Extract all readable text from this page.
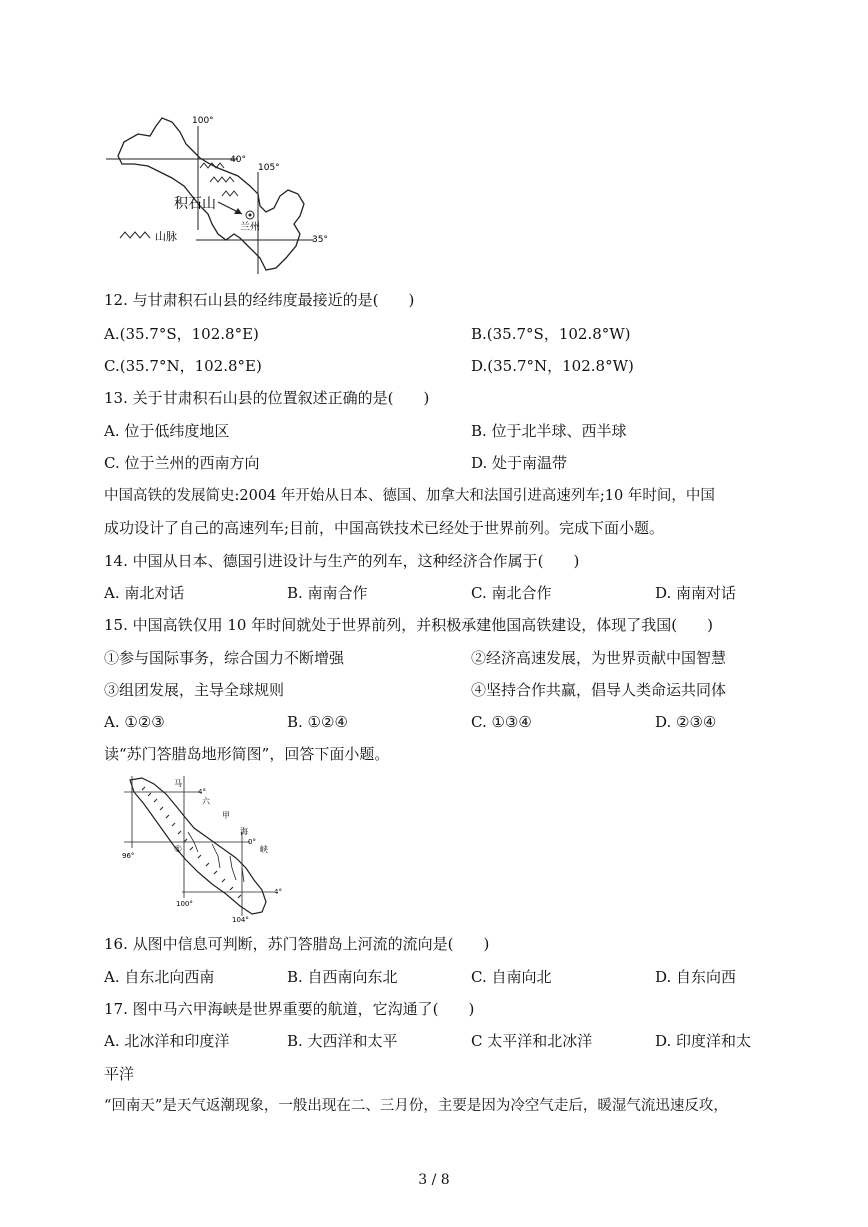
100°
105°
40°
35°
积石山
兰州
山脉
12. 与甘肃积石山县的经纬度最接近的是(　　)
A.(35.7°S，102.8°E)	B.(35.7°S，102.8°W)
C.(35.7°N，102.8°E)	D.(35.7°N，102.8°W)
13. 关于甘肃积石山县的位置叙述正确的是(　　)
A. 位于低纬度地区	B. 位于北半球、西半球
C. 位于兰州的西南方向	D. 处于南温带
中国高铁的发展简史:2004 年开始从日本、德国、加拿大和法国引进高速列车;10 年时间，中国
成功设计了自己的高速列车;目前，中国高铁技术已经处于世界前列。完成下面小题。
14. 中国从日本、德国引进设计与生产的列车，这种经济合作属于(　　)
A. 南北对话	B. 南南合作	C. 南北合作	D. 南南对话
15. 中国高铁仅用 10 年时间就处于世界前列，并积极承建他国高铁建设，体现了我国(　　)
①参与国际事务，综合国力不断增强	②经济高速发展，为世界贡献中国智慧
③组团发展，主导全球规则	④坚持合作共赢，倡导人类命运共同体
A. ①②③	B. ①②④	C. ①③④	D. ②③④
读“苏门答腊岛地形简图”，回答下面小题。
马
六
甲
海
峡
4°
0°
4°
96°
100°
104°
①
16. 从图中信息可判断，苏门答腊岛上河流的流向是(　　)
A. 自东北向西南	B. 自西南向东北	C. 自南向北	D. 自东向西
17. 图中马六甲海峡是世界重要的航道，它沟通了(　　)
A. 北冰洋和印度洋	B. 大西洋和太平	C 太平洋和北冰洋	D. 印度洋和太
平洋
“回南天”是天气返潮现象，一般出现在二、三月份，主要是因为冷空气走后，暖湿气流迅速反攻，
3 / 8
